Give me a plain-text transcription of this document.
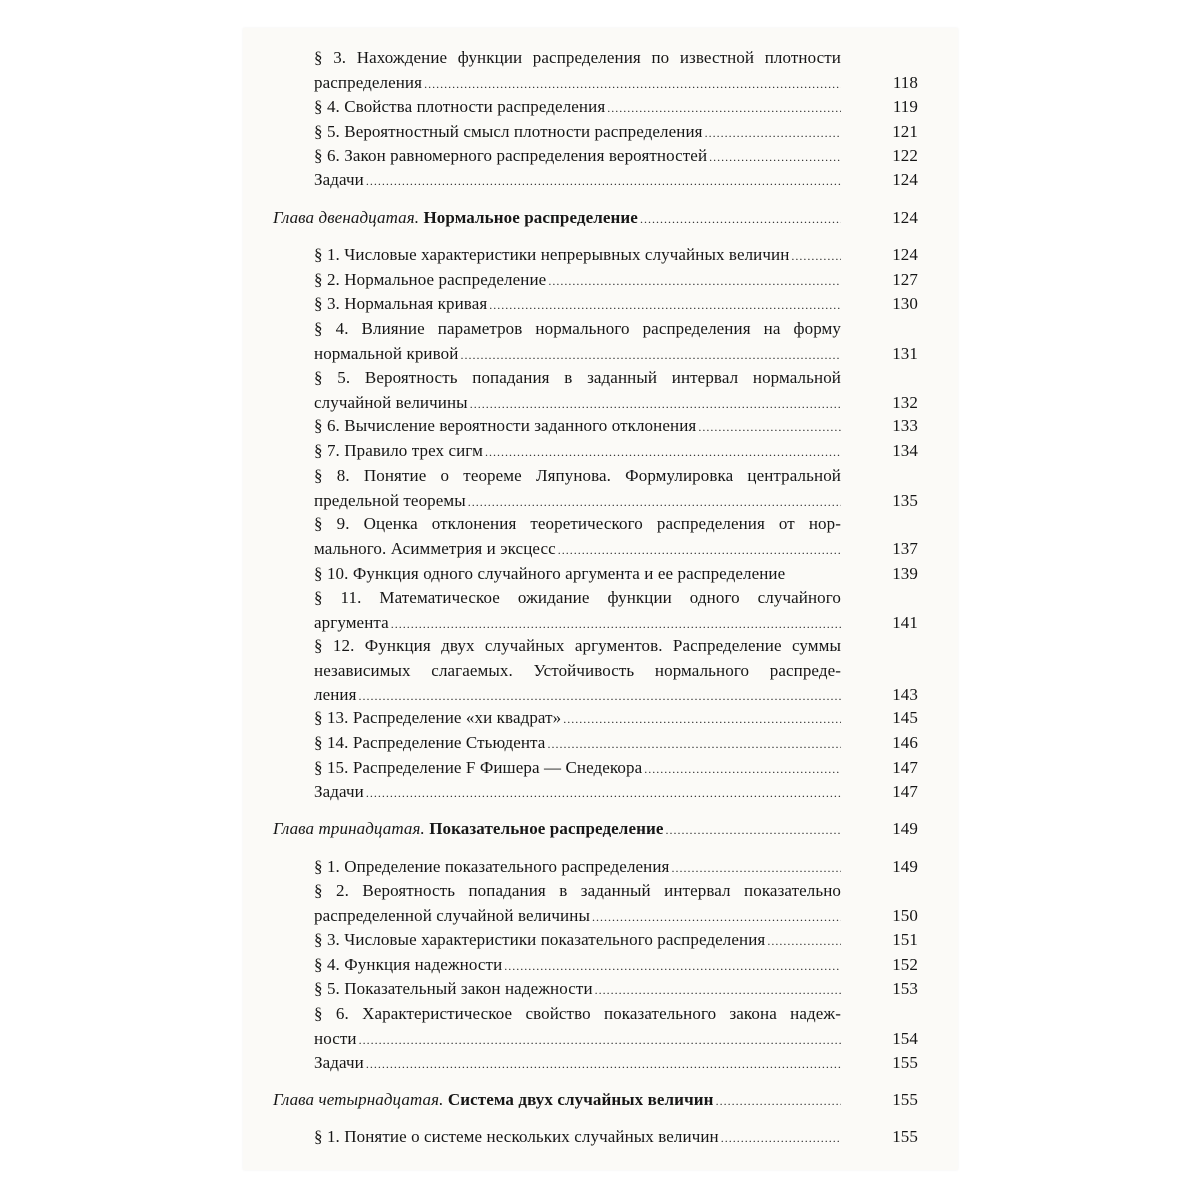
§ 3. Нахождение функции распределения по известной плотности
распределения .....	118
§ 4. Свойства плотности распределения .....	119
§ 5. Вероятностный смысл плотности распределения .....	121
§ 6. Закон равномерного распределения вероятностей .....	122
Задачи .....	124
Глава двенадцатая.
Нормальное распределение .....	124
§ 1. Числовые характеристики непрерывных случайных величин .....	124
§ 2. Нормальное распределение .....	127
§ 3. Нормальная кривая .....	130
§ 4. Влияние параметров нормального распределения на форму
нормальной кривой .....	131
§ 5. Вероятность попадания в заданный интервал нормальной
случайной величины .....	132
§ 6. Вычисление вероятности заданного отклонения .....	133
§ 7. Правило трех сигм .....	134
§ 8. Понятие о теореме Ляпунова. Формулировка центральной
предельной теоремы .....	135
§ 9. Оценка отклонения теоретического распределения от нор-
мального. Асимметрия и эксцесс .....	137
§ 10. Функция одного случайного аргумента и ее распределение	139
§ 11. Математическое ожидание функции одного случайного
аргумента .....	141
§ 12. Функция двух случайных аргументов. Распределение суммы
независимых слагаемых. Устойчивость нормального распреде-
ления .....	143
§ 13. Распределение «хи квадрат» .....	145
§ 14. Распределение Стьюдента .....	146
§ 15. Распределение F Фишера — Снедекора .....	147
Задачи .....	147
Глава тринадцатая.
Показательное распределение .....	149
§ 1. Определение показательного распределения .....	149
§ 2. Вероятность попадания в заданный интервал показательно
распределенной случайной величины .....	150
§ 3. Числовые характеристики показательного распределения .....	151
§ 4. Функция надежности .....	152
§ 5. Показательный закон надежности .....	153
§ 6. Характеристическое свойство показательного закона надеж-
ности .....	154
Задачи .....	155
Глава четырнадцатая.
Система двух случайных величин .....	155
§ 1. Понятие о системе нескольких случайных величин .....	155
